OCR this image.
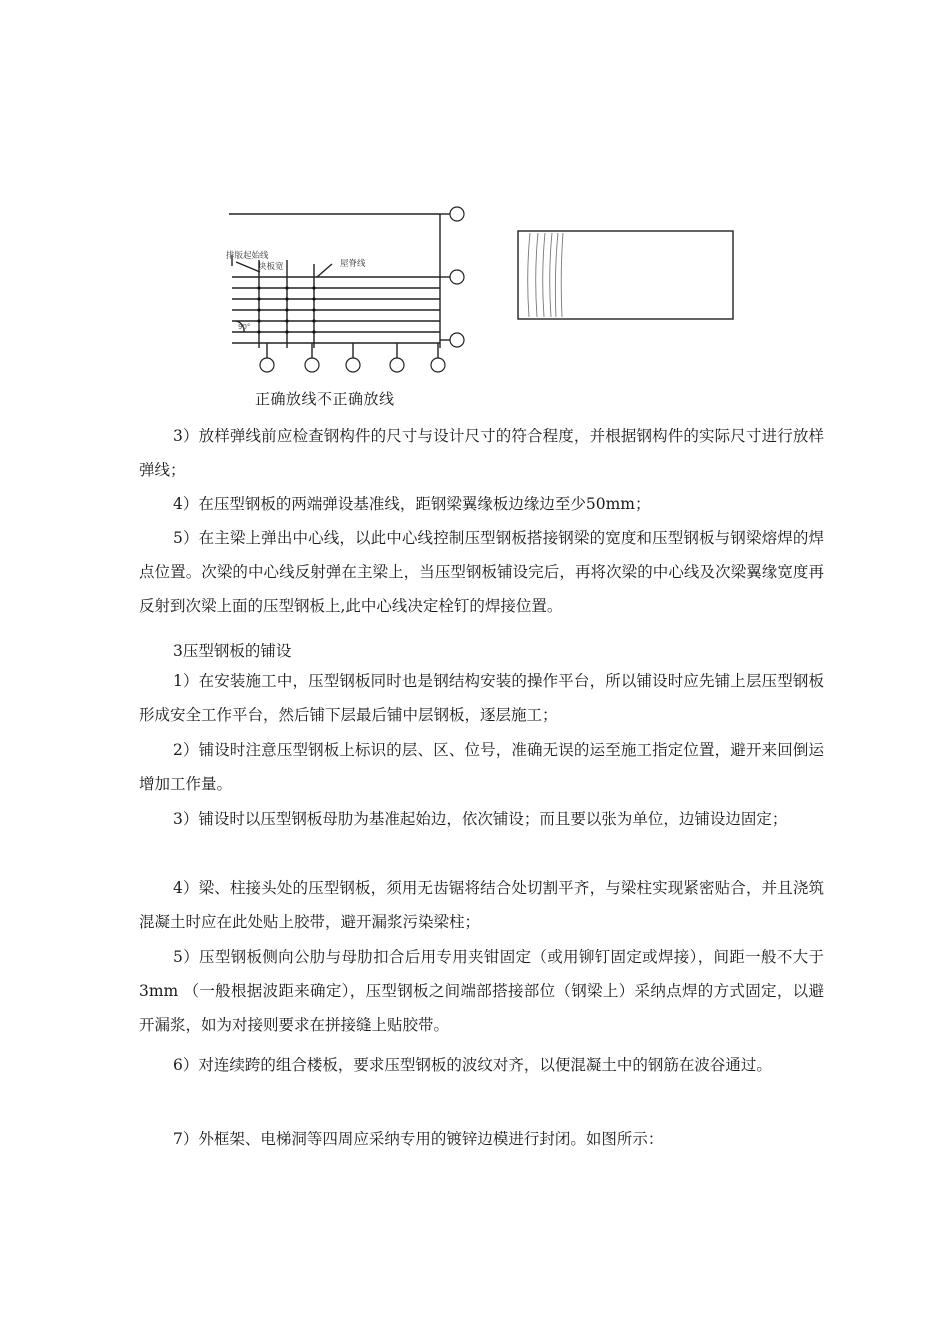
排版起始线
块板宽	屋脊线
90°
正确放线不正确放线

3）放样弹线前应检查钢构件的尺寸与设计尺寸的符合程度，并根据钢构件的实际尺寸进行放样弹线；

4）在压型钢板的两端弹设基准线，距钢梁翼缘板边缘边至少50mm；

5）在主梁上弹出中心线，以此中心线控制压型钢板搭接钢梁的宽度和压型钢板与钢梁熔焊的焊点位置。次梁的中心线反射弹在主梁上，当压型钢板铺设完后，再将次梁的中心线及次梁翼缘宽度再反射到次梁上面的压型钢板上,此中心线决定栓钉的焊接位置。

3压型钢板的铺设

1）在安装施工中，压型钢板同时也是钢结构安装的操作平台，所以铺设时应先铺上层压型钢板形成安全工作平台，然后铺下层最后铺中层钢板，逐层施工；

2）铺设时注意压型钢板上标识的层、区、位号，准确无误的运至施工指定位置，避开来回倒运增加工作量。

3）铺设时以压型钢板母肋为基准起始边，依次铺设；而且要以张为单位，边铺设边固定；

4）梁、柱接头处的压型钢板，须用无齿锯将结合处切割平齐，与梁柱实现紧密贴合，并且浇筑混凝土时应在此处贴上胶带，避开漏浆污染梁柱；

5）压型钢板侧向公肋与母肋扣合后用专用夹钳固定（或用铆钉固定或焊接），间距一般不大于3mm （一般根据波距来确定），压型钢板之间端部搭接部位（钢梁上）采纳点焊的方式固定，以避开漏浆，如为对接则要求在拼接缝上贴胶带。

6）对连续跨的组合楼板，要求压型钢板的波纹对齐，以便混凝土中的钢筋在波谷通过。

7）外框架、电梯洞等四周应采纳专用的镀锌边模进行封闭。如图所示：
